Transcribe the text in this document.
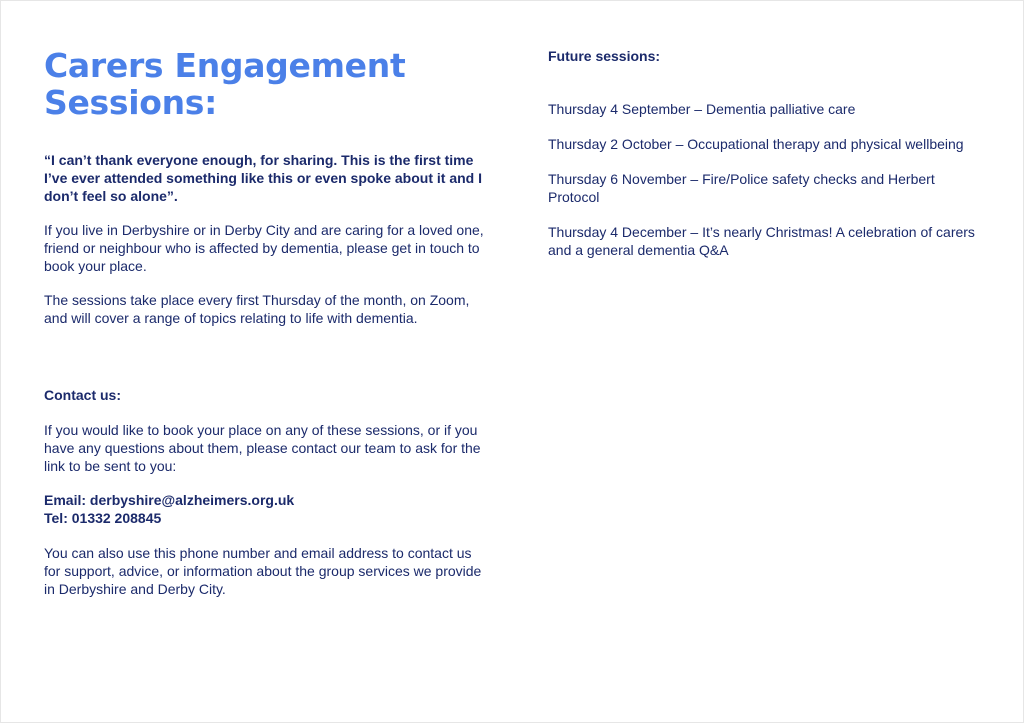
Carers Engagement
Sessions:

“I can’t thank everyone enough, for sharing. This is the first time I’ve ever attended something like this or even spoke about it and I don’t feel so alone”.

If you live in Derbyshire or in Derby City and are caring for a loved one, friend or neighbour who is affected by dementia, please get in touch to book your place.

The sessions take place every first Thursday of the month, on Zoom, and will cover a range of topics relating to life with dementia.

Contact us:

If you would like to book your place on any of these sessions, or if you have any questions about them, please contact our team to ask for the link to be sent to you:

Email: derbyshire@alzheimers.org.uk

Tel: 01332 208845

You can also use this phone number and email address to contact us for support, advice, or information about the group services we provide in Derbyshire and Derby City.

Future sessions:

Thursday 4 September – Dementia palliative care

Thursday 2 October – Occupational therapy and physical wellbeing

Thursday 6 November – Fire/Police safety checks and Herbert Protocol

Thursday 4 December – It’s nearly Christmas! A celebration of carers and a general dementia Q&A
